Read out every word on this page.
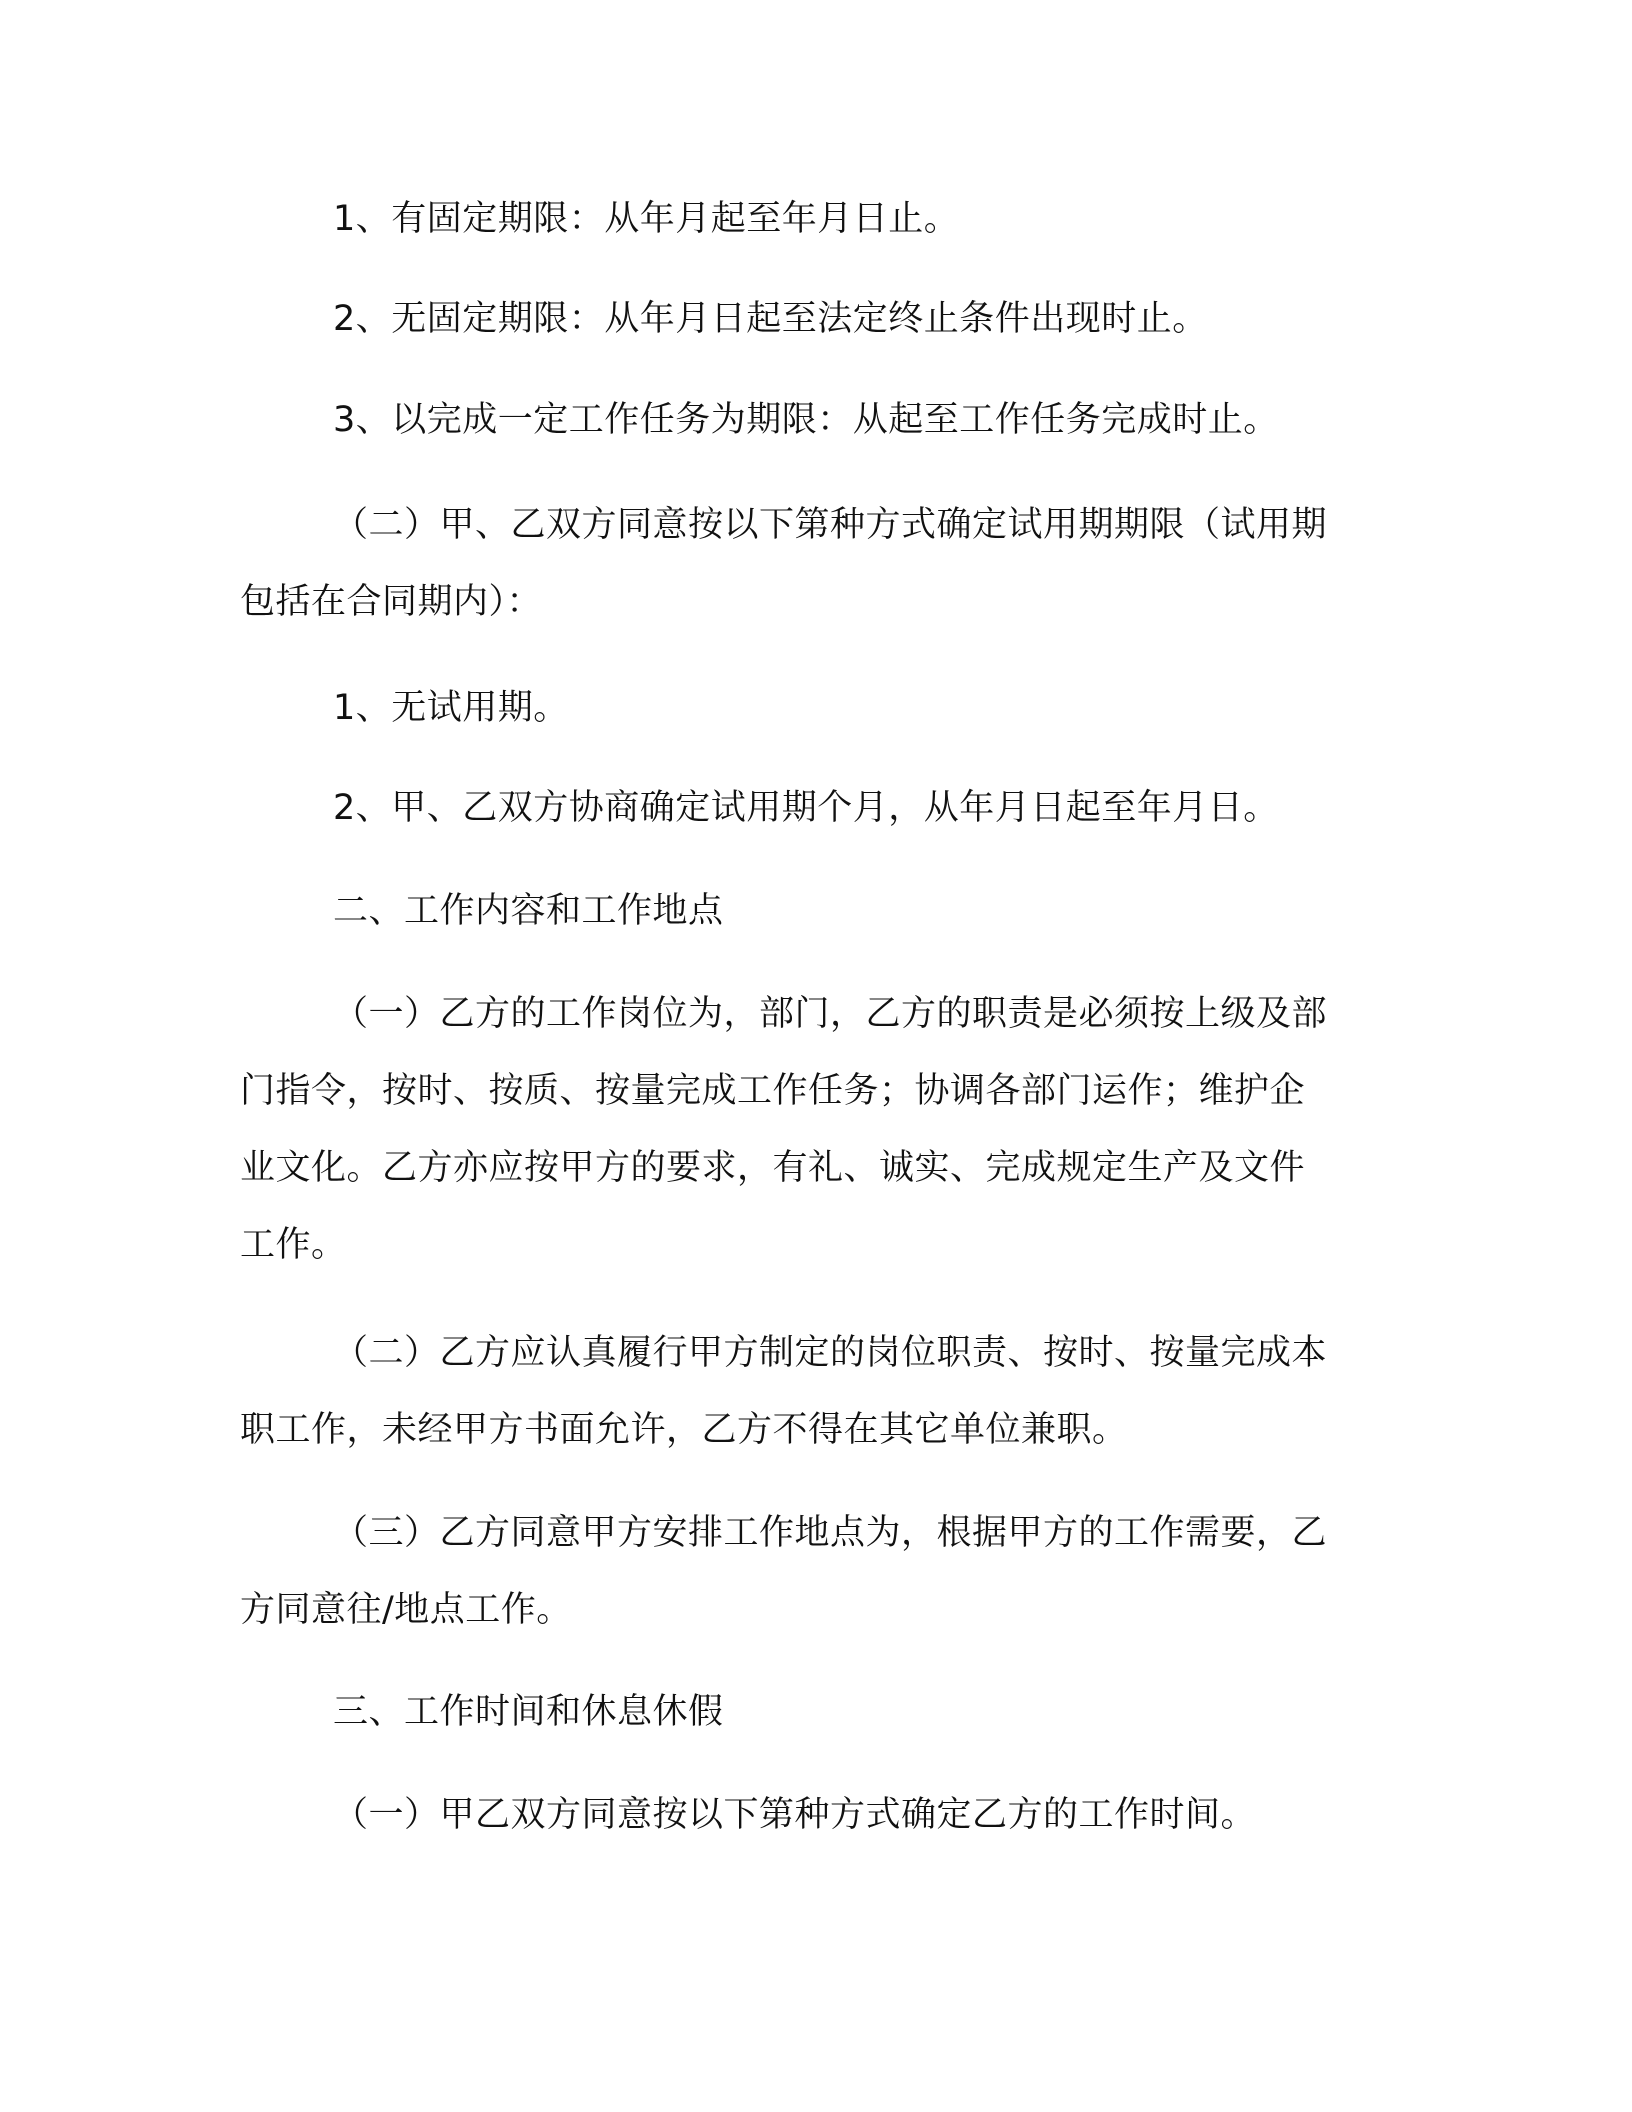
1、有固定期限：从年月起至年月日止。

2、无固定期限：从年月日起至法定终止条件出现时止。

3、以完成一定工作任务为期限：从起至工作任务完成时止。

（二）甲、乙双方同意按以下第种方式确定试用期期限（试用期

包括在合同期内）：

1、无试用期。

2、甲、乙双方协商确定试用期个月，从年月日起至年月日。

二、工作内容和工作地点

（一）乙方的工作岗位为，部门，乙方的职责是必须按上级及部

门指令，按时、按质、按量完成工作任务；协调各部门运作；维护企

业文化。乙方亦应按甲方的要求，有礼、诚实、完成规定生产及文件

工作。

（二）乙方应认真履行甲方制定的岗位职责、按时、按量完成本

职工作，未经甲方书面允许，乙方不得在其它单位兼职。

（三）乙方同意甲方安排工作地点为，根据甲方的工作需要，乙

方同意往/地点工作。

三、工作时间和休息休假

（一）甲乙双方同意按以下第种方式确定乙方的工作时间。
